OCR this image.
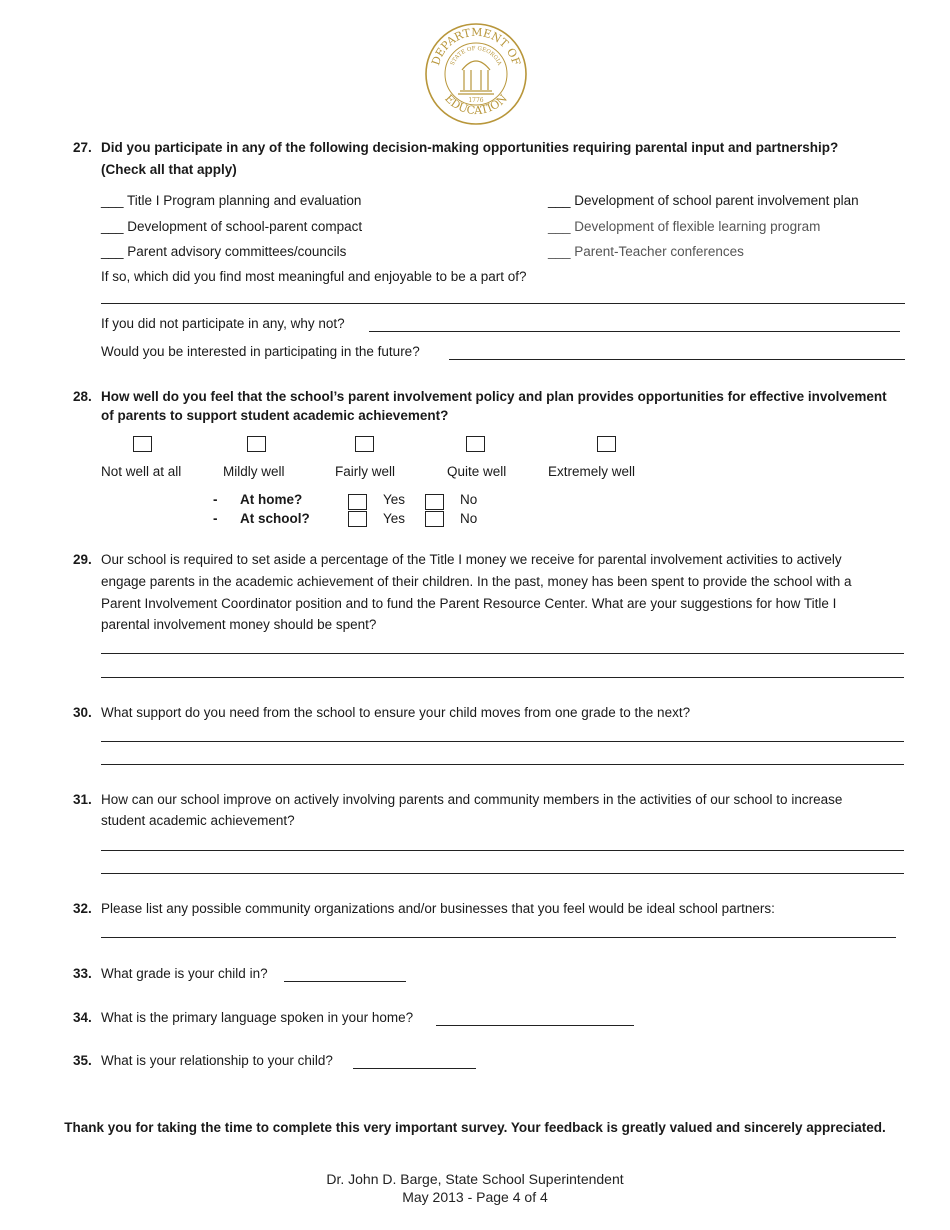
DEPARTMENT OF
EDUCATION
STATE OF GEORGIA
1776
27. Did you participate in any of the following decision-making opportunities requiring parental input and partnership?
(Check all that apply)
___ Title I Program planning and evaluation
___ Development of school-parent compact
___ Parent advisory committees/councils
___ Development of school parent involvement plan
___ Development of flexible learning program
___ Parent-Teacher conferences
If so, which did you find most meaningful and enjoyable to be a part of?
If you did not participate in any, why not?
Would you be interested in participating in the future?
28. How well do you feel that the school’s parent involvement policy and plan provides opportunities for effective involvement
of parents to support student academic achievement?
Not well at all	Mildly well	Fairly well	Quite well	Extremely well
- At home?	Yes	No
- At school?	Yes	No
29. Our school is required to set aside a percentage of the Title I money we receive for parental involvement activities to actively
engage parents in the academic achievement of their children. In the past, money has been spent to provide the school with a
Parent Involvement Coordinator position and to fund the Parent Resource Center. What are your suggestions for how Title I
parental involvement money should be spent?
30. What support do you need from the school to ensure your child moves from one grade to the next?
31. How can our school improve on actively involving parents and community members in the activities of our school to increase
student academic achievement?
32. Please list any possible community organizations and/or businesses that you feel would be ideal school partners:
33. What grade is your child in?
34. What is the primary language spoken in your home?
35. What is your relationship to your child?
Thank you for taking the time to complete this very important survey. Your feedback is greatly valued and sincerely appreciated.
Dr. John D. Barge, State School Superintendent
May 2013 - Page 4 of 4
